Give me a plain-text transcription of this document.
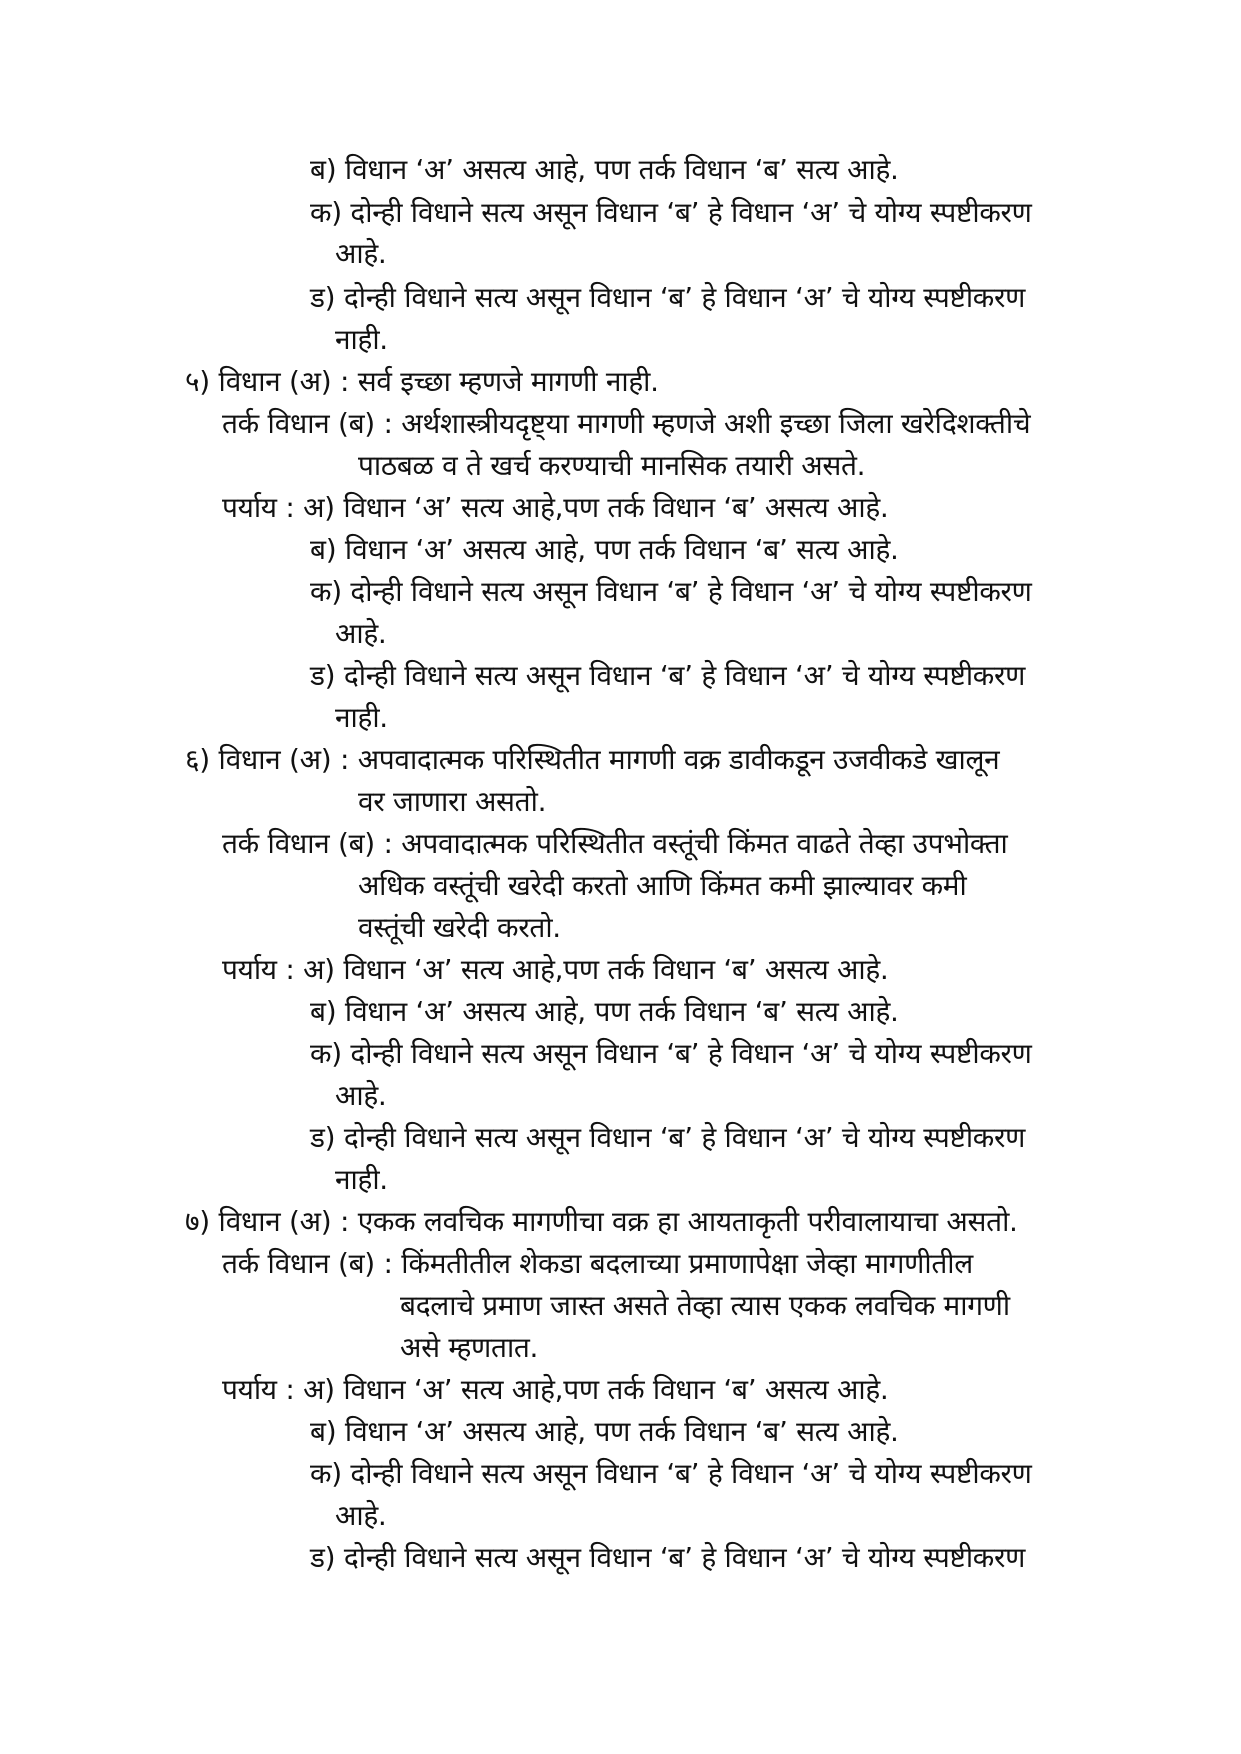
ब) विधान ‘अ’ असत्य आहे, पण तर्क विधान ‘ब’ सत्य आहे.
क) दोन्ही विधाने सत्य असून विधान ‘ब’ हे विधान ‘अ’ चे योग्य स्पष्टीकरण
आहे.
ड) दोन्ही विधाने सत्य असून विधान ‘ब’ हे विधान ‘अ’ चे योग्य स्पष्टीकरण
नाही.
५) विधान (अ) : सर्व इच्छा म्हणजे मागणी नाही.
तर्क विधान (ब) : अर्थशास्त्रीयदृष्ट्या मागणी म्हणजे अशी इच्छा जिला खरेदिशक्तीचे
पाठबळ व ते खर्च करण्याची मानसिक तयारी असते.
पर्याय : अ) विधान ‘अ’ सत्य आहे,पण तर्क विधान ‘ब’ असत्य आहे.
ब) विधान ‘अ’ असत्य आहे, पण तर्क विधान ‘ब’ सत्य आहे.
क) दोन्ही विधाने सत्य असून विधान ‘ब’ हे विधान ‘अ’ चे योग्य स्पष्टीकरण
आहे.
ड) दोन्ही विधाने सत्य असून विधान ‘ब’ हे विधान ‘अ’ चे योग्य स्पष्टीकरण
नाही.
६) विधान (अ) : अपवादात्मक परिस्थितीत मागणी वक्र डावीकडून उजवीकडे खालून
वर जाणारा असतो.
तर्क विधान (ब) : अपवादात्मक परिस्थितीत वस्तूंची किंमत वाढते तेव्हा उपभोक्ता
अधिक वस्तूंची खरेदी करतो आणि किंमत कमी झाल्यावर कमी
वस्तूंची खरेदी करतो.
पर्याय : अ) विधान ‘अ’ सत्य आहे,पण तर्क विधान ‘ब’ असत्य आहे.
ब) विधान ‘अ’ असत्य आहे, पण तर्क विधान ‘ब’ सत्य आहे.
क) दोन्ही विधाने सत्य असून विधान ‘ब’ हे विधान ‘अ’ चे योग्य स्पष्टीकरण
आहे.
ड) दोन्ही विधाने सत्य असून विधान ‘ब’ हे विधान ‘अ’ चे योग्य स्पष्टीकरण
नाही.
७) विधान (अ) : एकक लवचिक मागणीचा वक्र हा आयताकृती परीवालायाचा असतो.
तर्क विधान (ब) : किंमतीतील शेकडा बदलाच्या प्रमाणापेक्षा जेव्हा मागणीतील
बदलाचे प्रमाण जास्त असते तेव्हा त्यास एकक लवचिक मागणी
असे म्हणतात.
पर्याय : अ) विधान ‘अ’ सत्य आहे,पण तर्क विधान ‘ब’ असत्य आहे.
ब) विधान ‘अ’ असत्य आहे, पण तर्क विधान ‘ब’ सत्य आहे.
क) दोन्ही विधाने सत्य असून विधान ‘ब’ हे विधान ‘अ’ चे योग्य स्पष्टीकरण
आहे.
ड) दोन्ही विधाने सत्य असून विधान ‘ब’ हे विधान ‘अ’ चे योग्य स्पष्टीकरण
